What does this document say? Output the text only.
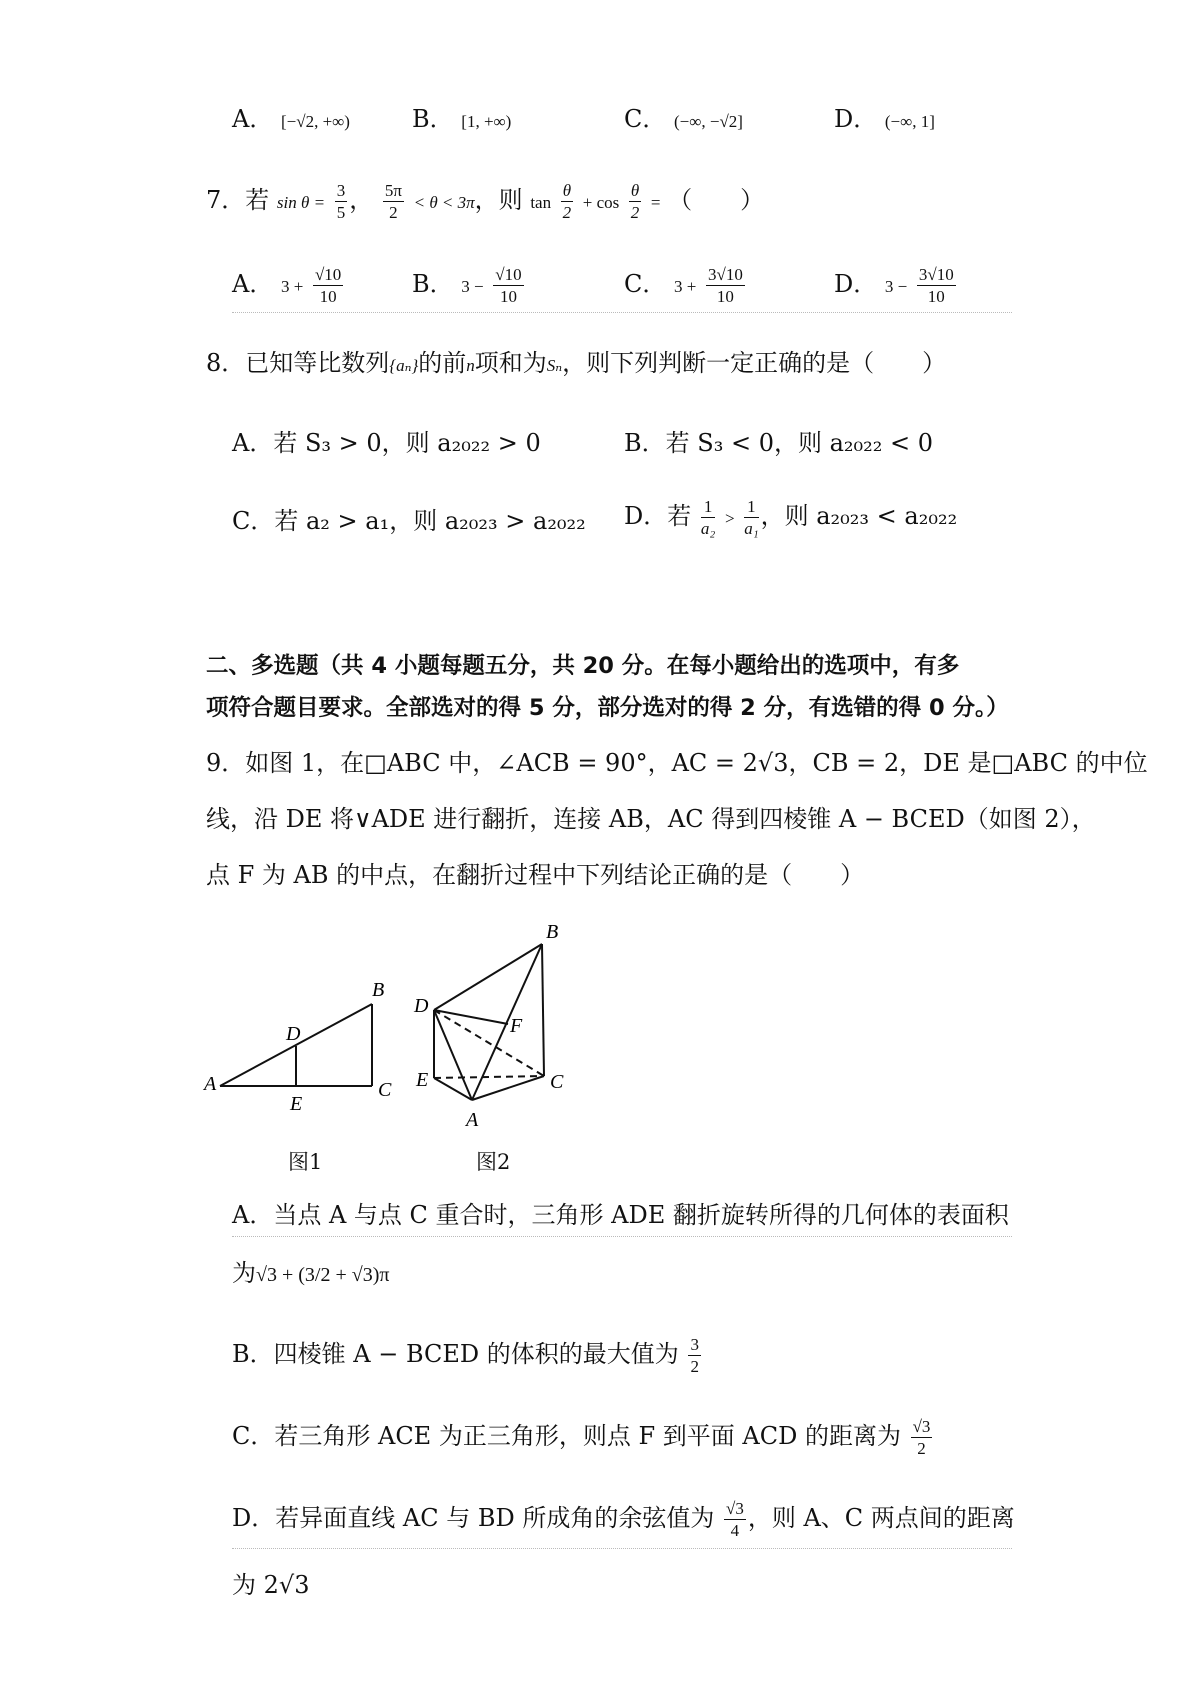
A． [−√2, +∞)	B． [1, +∞)	C． (−∞, −√2]	D． (−∞, 1]
7．若 $\sin \theta = \frac{3}{5}$ ， $\frac{5\pi}{2} < \theta < 3\pi$，则 $\tan \frac{\theta}{2} + \cos \frac{\theta}{2}$ = （　　）
A． $3 + \frac{√10}{10}$	B． $3 - \frac{√10}{10}$	C． $3 + \frac{3√10}{10}$	D． $3 - \frac{3√10}{10}$
8．已知等比数列{aₙ}的前n项和为Sₙ，则下列判断一定正确的是（　　）
A．若 S₃ > 0，则 a₂₀₂₂ > 0	B．若 S₃ < 0，则 a₂₀₂₂ < 0
C．若 a₂ > a₁，则 a₂₀₂₃ > a₂₀₂₂ D．若 $\frac{1}{\text{a₂}} > \frac{1}{\text{a₁}}$ ，则 a₂₀₂₃ < a₂₀₂₂
二、多选题（共 4 小题每题五分，共 20 分。在每小题给出的选项中，有多
项符合题目要求。全部选对的得 5 分，部分选对的得 2 分，有选错的得 0 分。）
9．如图 1，在□ABC 中，∠ACB = 90°，AC = 2√3，CB = 2，DE 是□ABC 的中位
线，沿 DE 将∨ADE 进行翻折，连接 AB，AC 得到四棱锥 A − BCED（如图 2），
点 F 为 AB 的中点，在翻折过程中下列结论正确的是（　　）
A
B
C
D
E
图1
B
D
F
E	C
A
图2
A．当点 A 与点 C 重合时，三角形 ADE 翻折旋转所得的几何体的表面积
为√3 + (3/2 + √3)π
B．四棱锥 A − BCED 的体积的最大值为 $\frac{3}{2}$
C．若三角形 ACE 为正三角形，则点 F 到平面 ACD 的距离为 $\frac{√3}{2}$
D．若异面直线 AC 与 BD 所成角的余弦值为 $\frac{√3}{4}$ ，则 A、C 两点间的距离
为 2√3
